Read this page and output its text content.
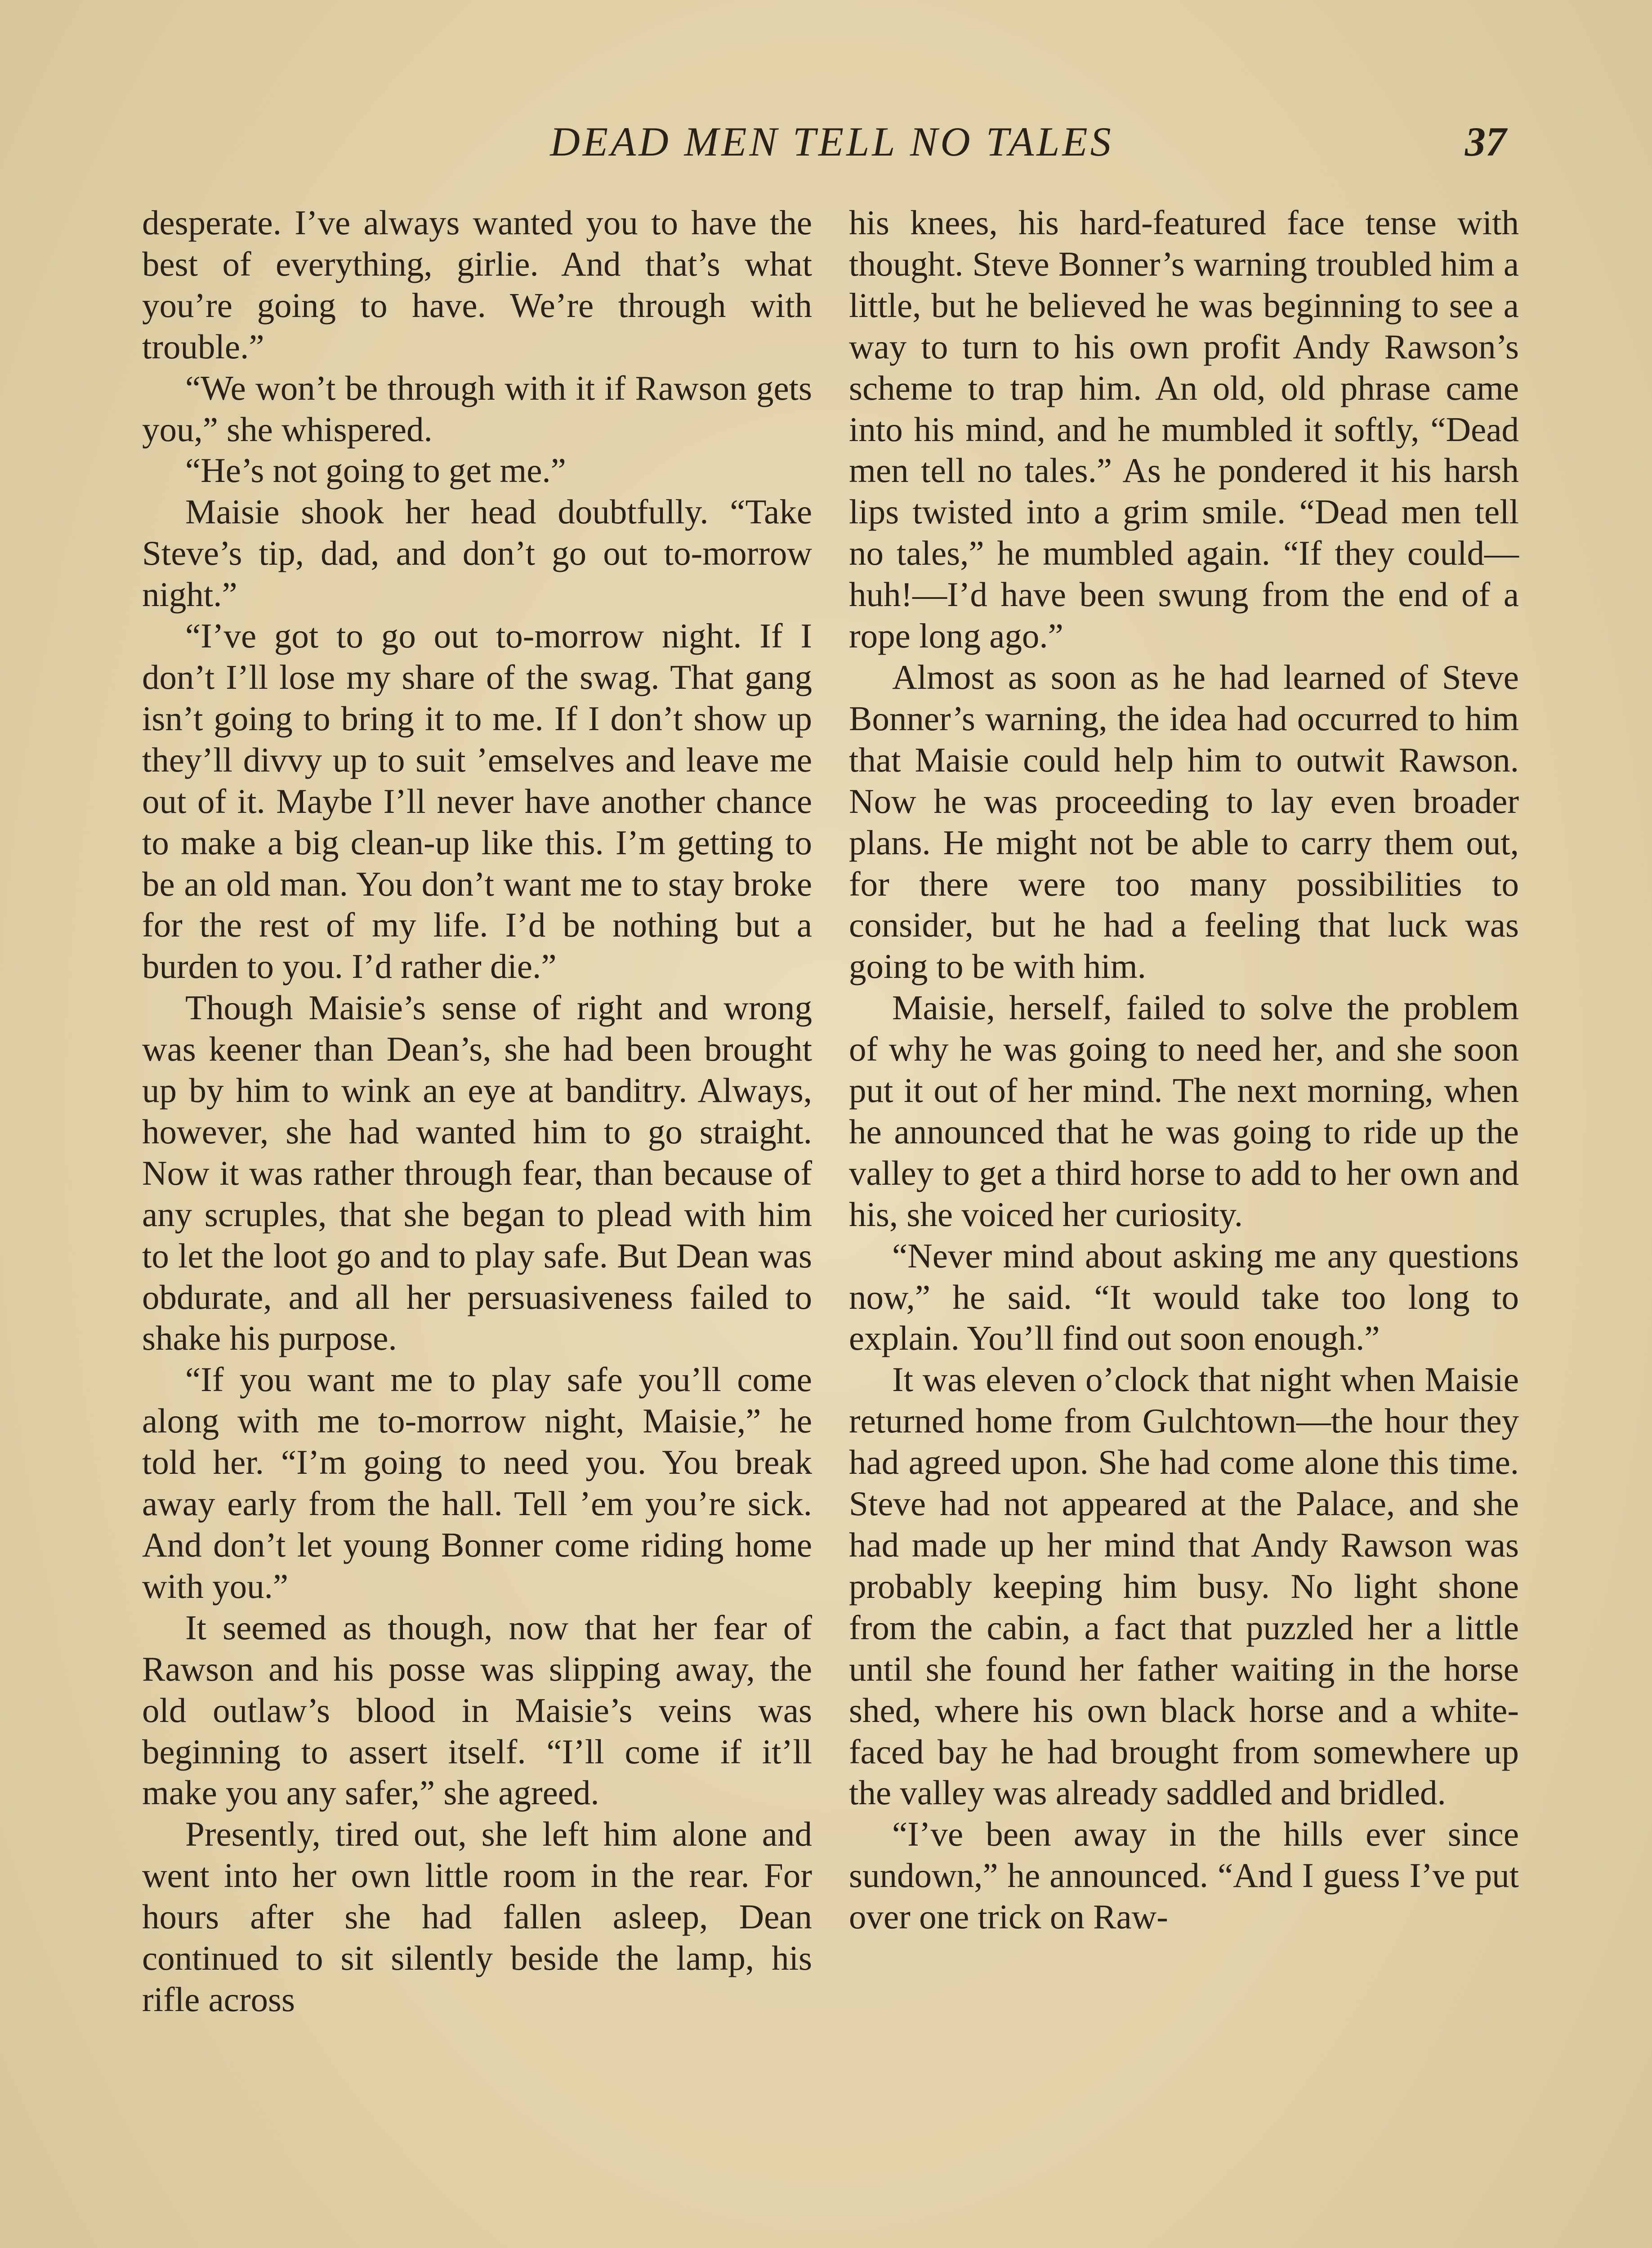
DEAD MEN TELL NO TALES	37

desperate. I’ve always wanted you to have the best of everything, girlie. And that’s what you’re going to have. We’re through with trouble.”

“We won’t be through with it if Rawson gets you,” she whispered.

“He’s not going to get me.”

Maisie shook her head doubtfully. “Take Steve’s tip, dad, and don’t go out to-morrow night.”

“I’ve got to go out to-morrow night. If I don’t I’ll lose my share of the swag. That gang isn’t going to bring it to me. If I don’t show up they’ll divvy up to suit ’emselves and leave me out of it. Maybe I’ll never have another chance to make a big clean-up like this. I’m getting to be an old man. You don’t want me to stay broke for the rest of my life. I’d be nothing but a burden to you. I’d rather die.”

Though Maisie’s sense of right and wrong was keener than Dean’s, she had been brought up by him to wink an eye at banditry. Always, however, she had wanted him to go straight. Now it was rather through fear, than because of any scruples, that she began to plead with him to let the loot go and to play safe. But Dean was obdurate, and all her persuasiveness failed to shake his purpose.

“If you want me to play safe you’ll come along with me to-morrow night, Maisie,” he told her. “I’m going to need you. You break away early from the hall. Tell ’em you’re sick. And don’t let young Bonner come riding home with you.”

It seemed as though, now that her fear of Rawson and his posse was slipping away, the old outlaw’s blood in Maisie’s veins was beginning to assert itself. “I’ll come if it’ll make you any safer,” she agreed.

Presently, tired out, she left him alone and went into her own little room in the rear. For hours after she had fallen asleep, Dean continued to sit silently beside the lamp, his rifle across

his knees, his hard-featured face tense with thought. Steve Bonner’s warning troubled him a little, but he believed he was beginning to see a way to turn to his own profit Andy Rawson’s scheme to trap him. An old, old phrase came into his mind, and he mumbled it softly, “Dead men tell no tales.” As he pondered it his harsh lips twisted into a grim smile. “Dead men tell no tales,” he mumbled again. “If they could—huh!—I’d have been swung from the end of a rope long ago.”

Almost as soon as he had learned of Steve Bonner’s warning, the idea had occurred to him that Maisie could help him to outwit Rawson. Now he was proceeding to lay even broader plans. He might not be able to carry them out, for there were too many possibilities to consider, but he had a feeling that luck was going to be with him.

Maisie, herself, failed to solve the problem of why he was going to need her, and she soon put it out of her mind. The next morning, when he announced that he was going to ride up the valley to get a third horse to add to her own and his, she voiced her curiosity.

“Never mind about asking me any questions now,” he said. “It would take too long to explain. You’ll find out soon enough.”

It was eleven o’clock that night when Maisie returned home from Gulchtown—the hour they had agreed upon. She had come alone this time. Steve had not appeared at the Palace, and she had made up her mind that Andy Rawson was probably keeping him busy. No light shone from the cabin, a fact that puzzled her a little until she found her father waiting in the horse shed, where his own black horse and a white-faced bay he had brought from somewhere up the valley was already saddled and bridled.

“I’ve been away in the hills ever since sundown,” he announced. “And I guess I’ve put over one trick on Raw-
